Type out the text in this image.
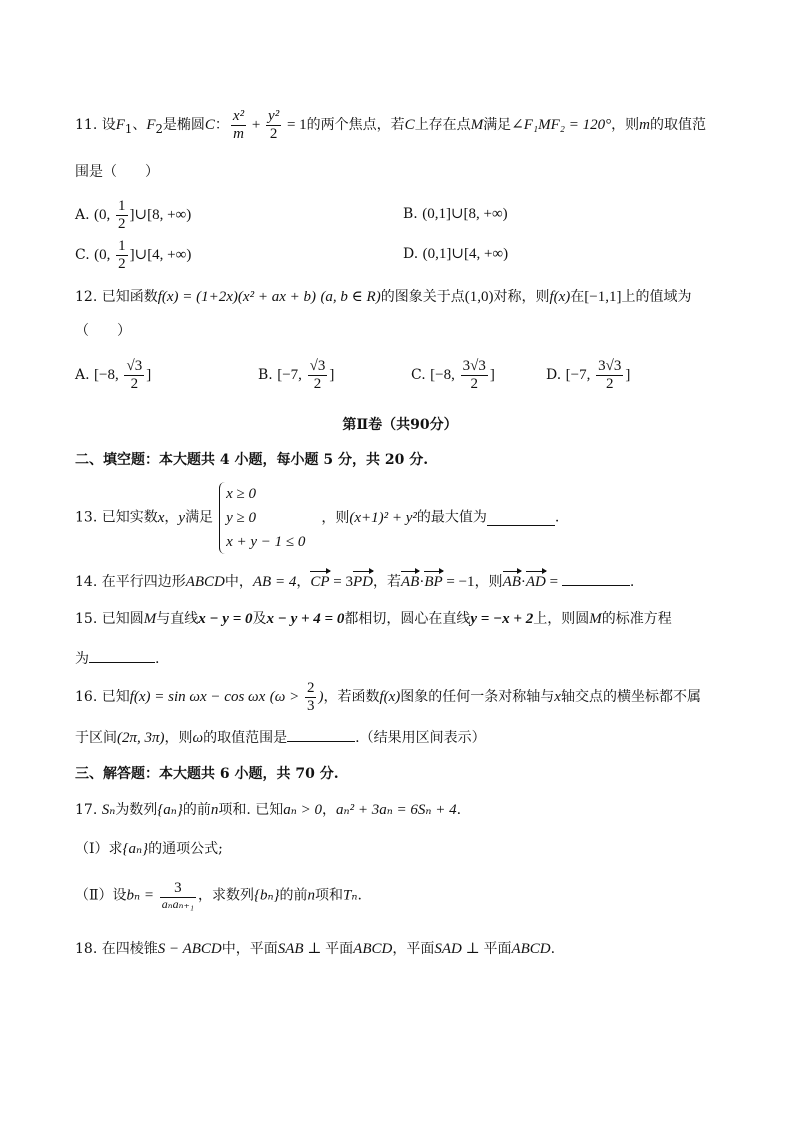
11. 设$F_1$、$F_2$是椭圆C： $\frac{\text{x²}}{m} + \frac{\text{y²}}{2} = 1$的两个焦点，若C上存在点M满足∠F₁MF₂ = 120°，则m的取值范
围是（　　）
A. (0, $\frac{1}{2}$ ]∪[8, +∞)	B. (0,1]∪[8, +∞)
C. (0, $\frac{1}{2}$ ]∪[4, +∞)	D. (0,1]∪[4, +∞)
12. 已知函数f(x) = (1+2x)(x² + ax + b) (a, b ∈ R)的图象关于点(1,0)对称，则f(x)在[−1,1]上的值域为
（　　）
A. [−8, $\frac{√3}{2}$ ]	B. [−7, $\frac{√3}{2}$ ]	C. [−8, $\frac{3√3}{2}$ ]	D. [−7, $\frac{3√3}{2}$ ]
第Ⅱ卷（共90分）
二、填空题：本大题共 4 小题，每小题 5 分，共 20 分.
13. 已知实数x，y满足
x ≥ 0
y ≥ 0
x + y − 1 ≤ 0
，则(x+1)² + y²的最大值为	.
14. 在平行四边形ABCD中，AB = 4，CP = 3PD，若AB·BP = −1，则AB·AD =	.
15. 已知圆M与直线x − y = 0及x − y + 4 = 0都相切，圆心在直线y = −x + 2上，则圆M的标准方程
为	.
16. 已知f(x) = sin ωx − cos ωx ($\omega > \frac{2}{3}$ )，若函数f(x)图象的任何一条对称轴与x轴交点的横坐标都不属
于区间(2π, 3π)，则ω的取值范围是	.（结果用区间表示）
三、解答题：本大题共 6 小题，共 70 分.
17. Sₙ为数列{aₙ}的前n项和. 已知aₙ > 0，aₙ² + 3aₙ = 6Sₙ + 4.
（Ⅰ）求{aₙ}的通项公式;
（Ⅱ）设$b_n = \frac{3}{\text{aₙaₙ₊₁}}$ ，求数列{bₙ}的前n项和Tₙ.
18. 在四棱锥S − ABCD中，平面SAB ⊥ 平面ABCD，平面SAD ⊥ 平面ABCD.
